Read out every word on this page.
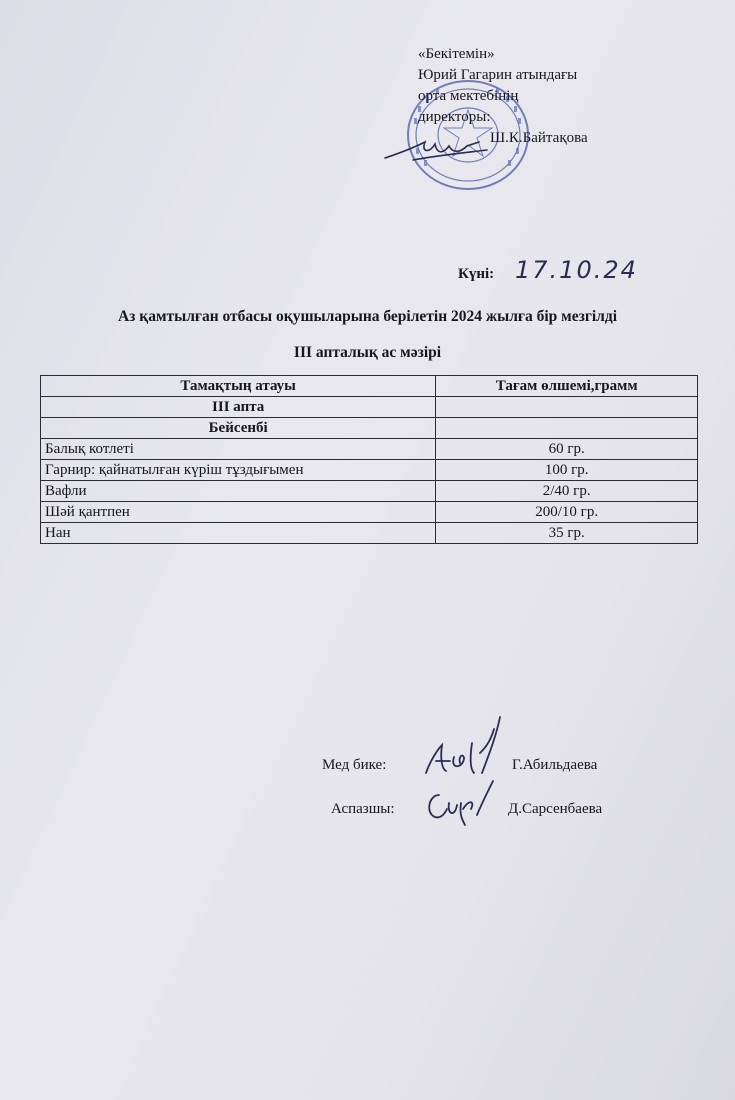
«Бекітемін»
Юрий Гагарин атындағы
орта мектебінің
директоры:
Ш.К.Байтақова
Күні: 17.10.24
Аз қамтылған отбасы оқушыларына берілетін 2024 жылға бір мезгілді
III апталық ас мәзірі
Тамақтың атауы	Тағам өлшемі,грамм
III апта	
Бейсенбі	
Балық котлеті	60 гр.
Гарнир: қайнатылған күріш тұздығымен	100 гр.
Вафли	2/40 гр.
Шәй қантпен	200/10 гр.
Нан	35 гр.
Мед бике:	Г.Абильдаева
Аспазшы:	Д.Сарсенбаева
